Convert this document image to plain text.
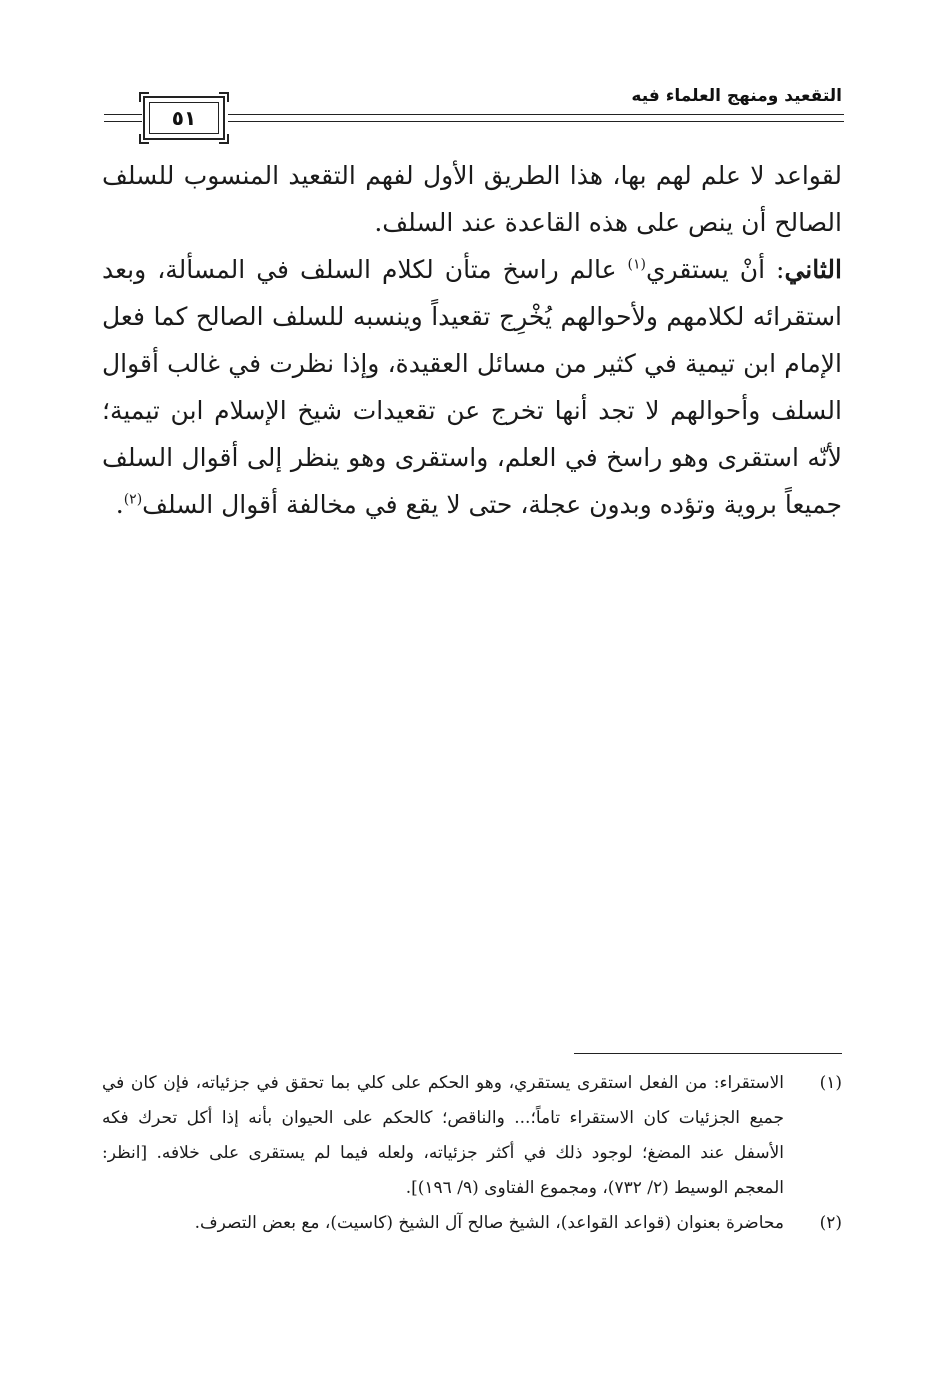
التقعيد ومنهج العلماء فيه
٥١

لقواعد لا علم لهم بها، هذا الطريق الأول لفهم التقعيد المنسوب للسلف الصالح أن ينص على هذه القاعدة عند السلف.

الثاني: أنْ يستقري$^{(١)}$ عالم راسخ متأن لكلام السلف في المسألة، وبعد استقرائه لكلامهم ولأحوالهم يُخْرِج تقعيداً وينسبه للسلف الصالح كما فعل الإمام ابن تيمية في كثير من مسائل العقيدة، وإذا نظرت في غالب أقوال السلف وأحوالهم لا تجد أنها تخرج عن تقعيدات شيخ الإسلام ابن تيمية؛ لأنّه استقرى وهو راسخ في العلم، واستقرى وهو ينظر إلى أقوال السلف جميعاً بروية وتؤده وبدون عجلة، حتى لا يقع في مخالفة أقوال السلف$^{(٢)}$.

(١)
الاستقراء: من الفعل استقرى يستقري، وهو الحكم على كلي بما تحقق في جزئياته، فإن كان في جميع الجزئيات كان الاستقراء تاماً؛... والناقص؛ كالحكم على الحيوان بأنه إذا أكل تحرك فكه الأسفل عند المضغ؛ لوجود ذلك في أكثر جزئياته، ولعله فيما لم يستقرى على خلافه. [انظر: المعجم الوسيط (٢/ ٧٣٢)، ومجموع الفتاوى (٩/ ١٩٦)].
(٢)
محاضرة بعنوان (قواعد القواعد)، الشيخ صالح آل الشيخ (كاسيت)، مع بعض التصرف.
